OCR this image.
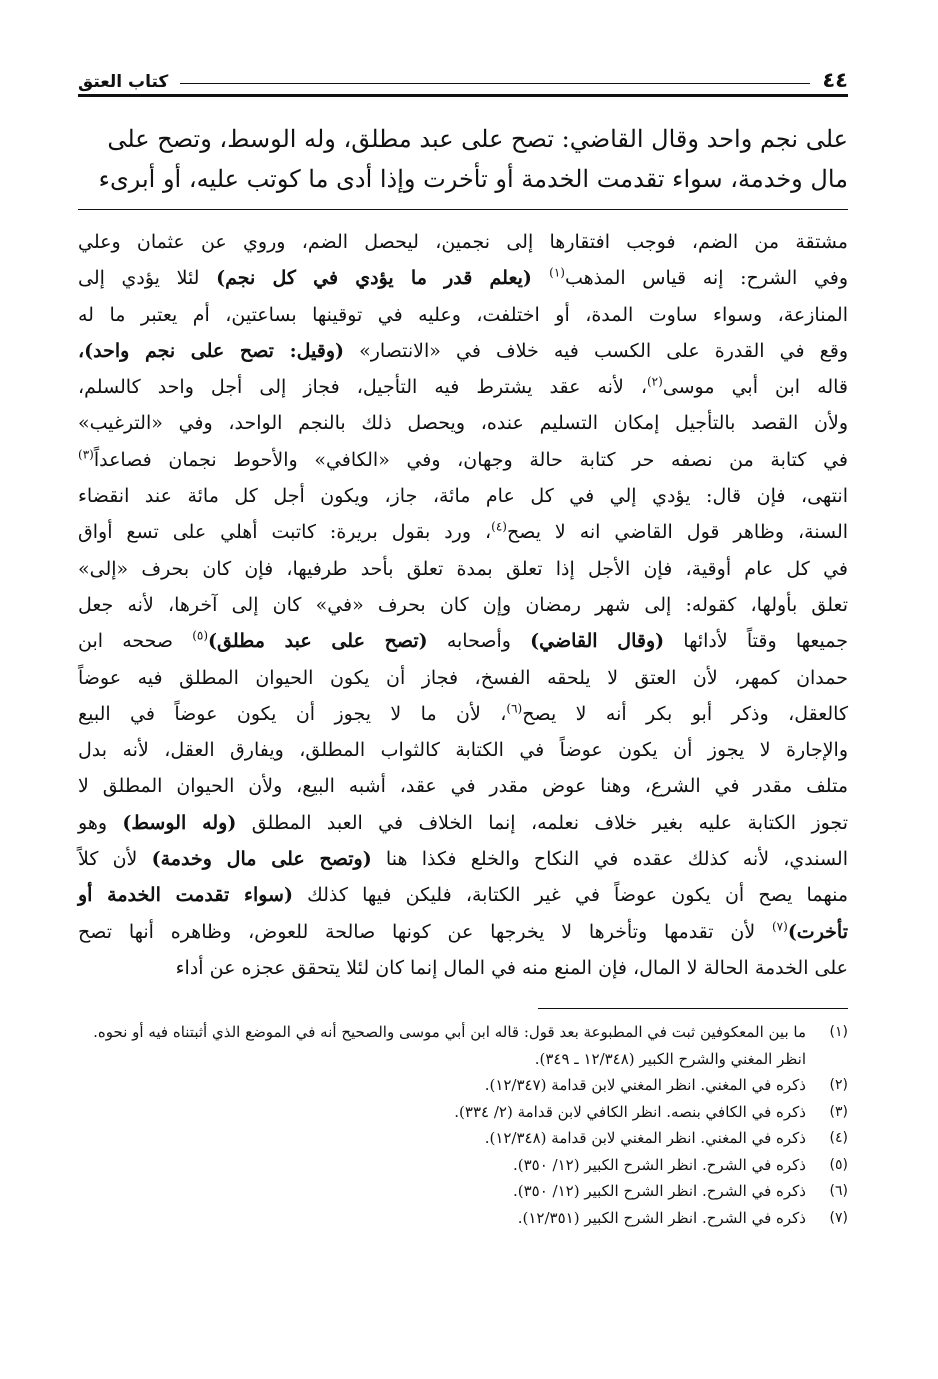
٤٤
كتاب العتق
على نجم واحد وقال القاضي: تصح على عبد مطلق، وله الوسط، وتصح على
مال وخدمة، سواء تقدمت الخدمة أو تأخرت وإذا أدى ما كوتب عليه، أو أبرىء

مشتقة من الضم، فوجب افتقارها إلى نجمين، ليحصل الضم، وروي عن عثمان وعلي

وفي الشرح: إنه قياس المذهب$^{(١)}$ (يعلم قدر ما يؤدي في كل نجم) لئلا يؤدي إلى

المنازعة، وسواء ساوت المدة، أو اختلفت، وعليه في توقينها بساعتين، أم يعتبر ما له

وقع في القدرة على الكسب فيه خلاف في «الانتصار» (وقيل: تصح على نجم واحد)،

قاله ابن أبي موسى$^{(٢)}$، لأنه عقد يشترط فيه التأجيل، فجاز إلى أجل واحد كالسلم،

ولأن القصد بالتأجيل إمكان التسليم عنده، ويحصل ذلك بالنجم الواحد، وفي «الترغيب»

في كتابة من نصفه حر كتابة حالة وجهان، وفي «الكافي» والأحوط نجمان فصاعداً$^{(٣)}$

انتهى، فإن قال: يؤدي إلي في كل عام مائة، جاز، ويكون أجل كل مائة عند انقضاء

السنة، وظاهر قول القاضي انه لا يصح$^{(٤)}$، ورد بقول بريرة: كاتبت أهلي على تسع أواق

في كل عام أوقية، فإن الأجل إذا تعلق بمدة تعلق بأحد طرفيها، فإن كان بحرف «إلى»

تعلق بأولها، كقوله: إلى شهر رمضان وإن كان بحرف «في» كان إلى آخرها، لأنه جعل

جميعها وقتاً لأدائها (وقال القاضي) وأصحابه (تصح على عبد مطلق)$^{(٥)}$ صححه ابن

حمدان كمهر، لأن العتق لا يلحقه الفسخ، فجاز أن يكون الحيوان المطلق فيه عوضاً

كالعقل، وذكر أبو بكر أنه لا يصح$^{(٦)}$، لأن ما لا يجوز أن يكون عوضاً في البيع

والإجارة لا يجوز أن يكون عوضاً في الكتابة كالثواب المطلق، ويفارق العقل، لأنه بدل

متلف مقدر في الشرع، وهنا عوض مقدر في عقد، أشبه البيع، ولأن الحيوان المطلق لا

تجوز الكتابة عليه بغير خلاف نعلمه، إنما الخلاف في العبد المطلق (وله الوسط) وهو

السندي، لأنه كذلك عقده في النكاح والخلع فكذا هنا (وتصح على مال وخدمة) لأن كلاً

منهما يصح أن يكون عوضاً في غير الكتابة، فليكن فيها كذلك (سواء تقدمت الخدمة أو

تأخرت)$^{(٧)}$ لأن تقدمها وتأخرها لا يخرجها عن كونها صالحة للعوض، وظاهره أنها تصح

على الخدمة الحالة لا المال، فإن المنع منه في المال إنما كان لئلا يتحقق عجزه عن أداء

(١)
ما بين المعكوفين ثبت في المطبوعة بعد قول: قاله ابن أبي موسى والصحيح أنه في الموضع الذي أثبتناه فيه أو نحوه. انظر المغني والشرح الكبير (١٢/٣٤٨ ـ ٣٤٩).
(٢)
ذكره في المغني. انظر المغني لابن قدامة (١٢/٣٤٧).
(٣)
ذكره في الكافي بنصه. انظر الكافي لابن قدامة (٢/ ٣٣٤).
(٤)
ذكره في المغني. انظر المغني لابن قدامة (١٢/٣٤٨).
(٥)
ذكره في الشرح. انظر الشرح الكبير (١٢/ ٣٥٠).
(٦)
ذكره في الشرح. انظر الشرح الكبير (١٢/ ٣٥٠).
(٧)
ذكره في الشرح. انظر الشرح الكبير (١٢/٣٥١).
